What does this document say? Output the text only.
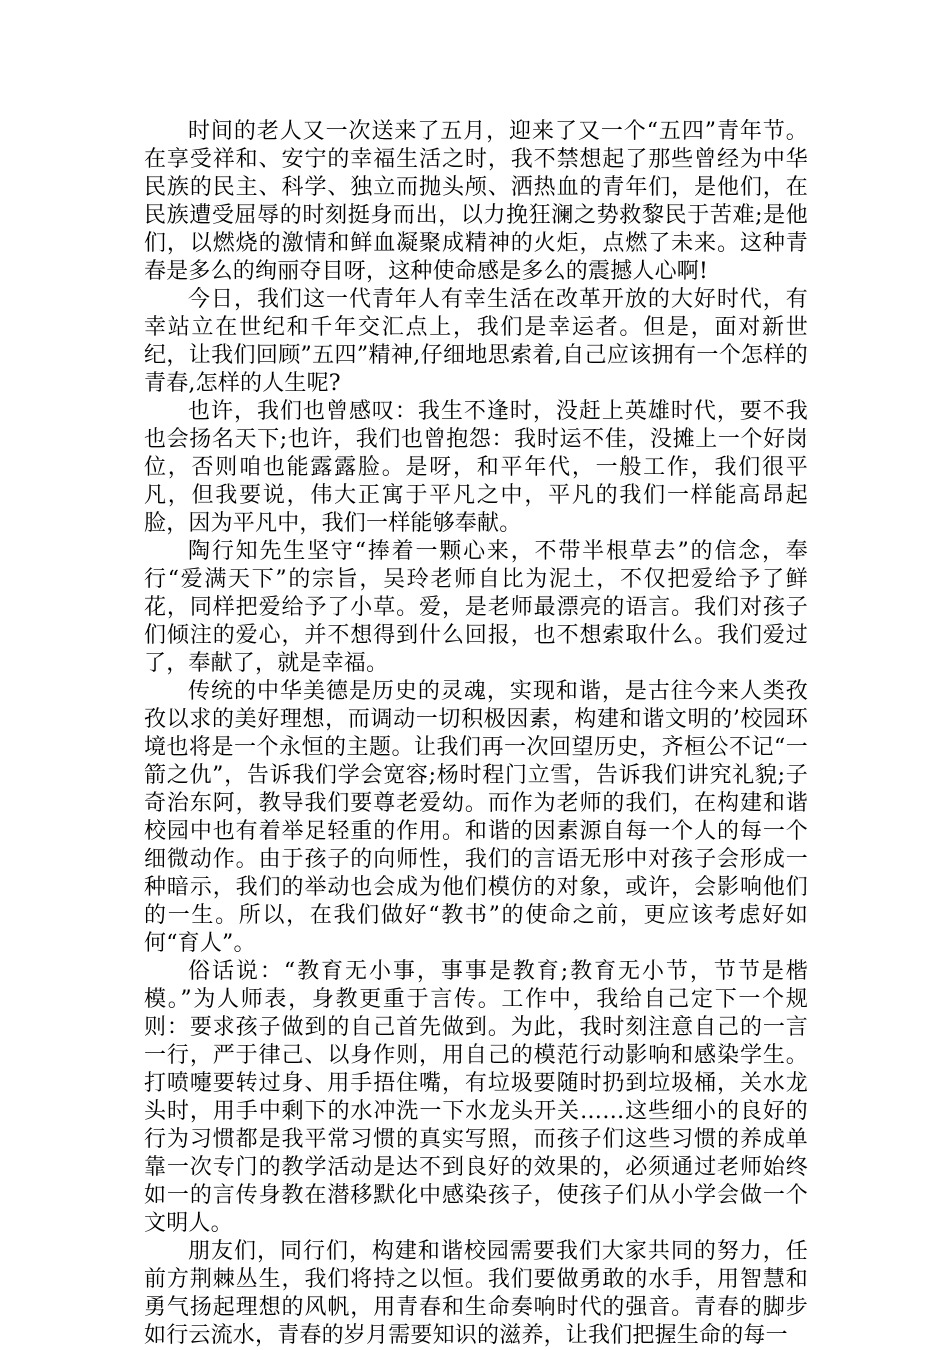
时间的老人又一次送来了五月，迎来了又一个“五四”青年节。在享受祥和、安宁的幸福生活之时，我不禁想起了那些曾经为中华民族的民主、科学、独立而抛头颅、洒热血的青年们，是他们，在民族遭受屈辱的时刻挺身而出，以力挽狂澜之势救黎民于苦难;是他们，以燃烧的激情和鲜血凝聚成精神的火炬，点燃了未来。这种青春是多么的绚丽夺目呀，这种使命感是多么的震撼人心啊!

今日，我们这一代青年人有幸生活在改革开放的大好时代，有幸站立在世纪和千年交汇点上，我们是幸运者。但是，面对新世纪，让我们回顾”五四”精神,仔细地思索着,自己应该拥有一个怎样的青春,怎样的人生呢?

也许，我们也曾感叹：我生不逢时，没赶上英雄时代，要不我也会扬名天下;也许，我们也曾抱怨：我时运不佳，没摊上一个好岗位，否则咱也能露露脸。是呀，和平年代，一般工作，我们很平凡，但我要说，伟大正寓于平凡之中，平凡的我们一样能高昂起脸，因为平凡中，我们一样能够奉献。

陶行知先生坚守“捧着一颗心来，不带半根草去”的信念，奉行“爱满天下”的宗旨，吴玲老师自比为泥土，不仅把爱给予了鲜花，同样把爱给予了小草。爱，是老师最漂亮的语言。我们对孩子们倾注的爱心，并不想得到什么回报，也不想索取什么。我们爱过了，奉献了，就是幸福。

传统的中华美德是历史的灵魂，实现和谐，是古往今来人类孜孜以求的美好理想，而调动一切积极因素，构建和谐文明的’校园环境也将是一个永恒的主题。让我们再一次回望历史，齐桓公不记“一箭之仇”，告诉我们学会宽容;杨时程门立雪，告诉我们讲究礼貌;子奇治东阿，教导我们要尊老爱幼。而作为老师的我们，在构建和谐校园中也有着举足轻重的作用。和谐的因素源自每一个人的每一个细微动作。由于孩子的向师性，我们的言语无形中对孩子会形成一种暗示，我们的举动也会成为他们模仿的对象，或许，会影响他们的一生。所以，在我们做好“教书”的使命之前，更应该考虑好如何“育人”。

俗话说：“教育无小事，事事是教育;教育无小节，节节是楷模。”为人师表，身教更重于言传。工作中，我给自己定下一个规则：要求孩子做到的自己首先做到。为此，我时刻注意自己的一言一行，严于律己、以身作则，用自己的模范行动影响和感染学生。打喷嚏要转过身、用手捂住嘴，有垃圾要随时扔到垃圾桶，关水龙头时，用手中剩下的水冲洗一下水龙头开关……这些细小的良好的行为习惯都是我平常习惯的真实写照，而孩子们这些习惯的养成单靠一次专门的教学活动是达不到良好的效果的，必须通过老师始终如一的言传身教在潜移默化中感染孩子，使孩子们从小学会做一个文明人。

朋友们，同行们，构建和谐校园需要我们大家共同的努力，任前方荆棘丛生，我们将持之以恒。我们要做勇敢的水手，用智慧和勇气扬起理想的风帆，用青春和生命奏响时代的强音。青春的脚步如行云流水，青春的岁月需要知识的滋养，让我们把握生命的每一
